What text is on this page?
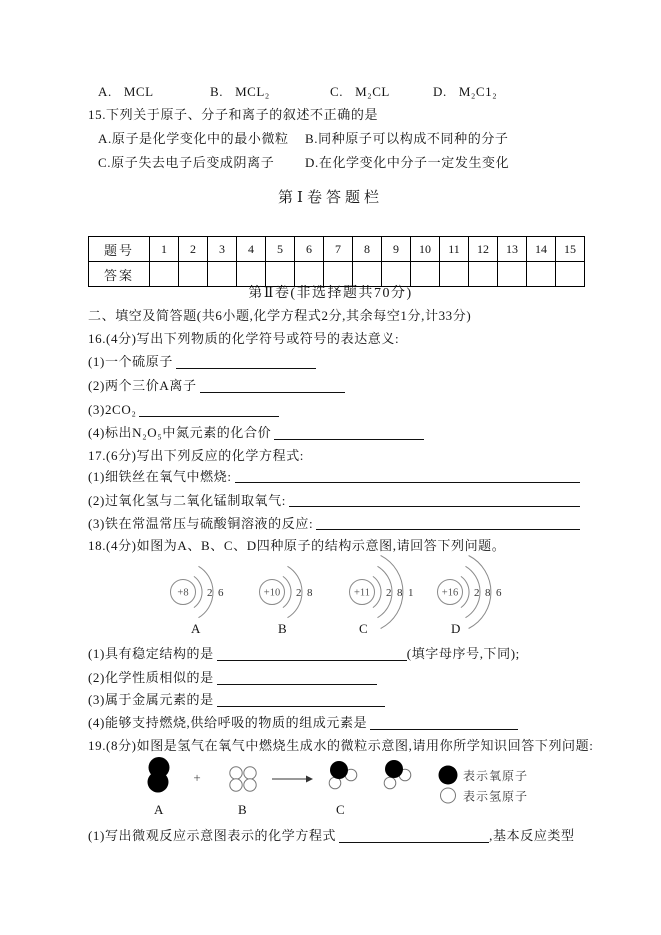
A. MCL	B. MCL₂	C. M₂CL	D. M₂C1₂
15.下列关于原子、分子和离子的叙述不正确的是
A.原子是化学变化中的最小微粒 B.同种原子可以构成不同种的分子
C.原子失去电子后变成阴离子 D.在化学变化中分子一定发生变化
第Ⅰ卷答题栏
题号	1	2	3	4	5	6	7	8	9	10	11	12	13	14	15
答案															
第Ⅱ卷(非选择题共70分)
二、填空及简答题(共6小题,化学方程式2分,其余每空1分,计33分)
16.(4分)写出下列物质的化学符号或符号的表达意义:
(1)一个硫原子
(2)两个三价A离子
(3)2CO₂
(4)标出N₂O₅中氮元素的化合价
17.(6分)写出下列反应的化学方程式:
(1)细铁丝在氧气中燃烧:
(2)过氧化氢与二氧化锰制取氧气:
(3)铁在常温常压与硫酸铜溶液的反应:
18.(4分)如图为A、B、C、D四种原子的结构示意图,请回答下列问题。
+8 2 6	+10 2 8	+11 2 8 1	+16 2 8 6
A	B	C	D
(1)具有稳定结构的是	(填字母序号,下同);
(2)化学性质相似的是
(3)属于金属元素的是
(4)能够支持燃烧,供给呼吸的物质的组成元素是
19.(8分)如图是氢气在氧气中燃烧生成水的微粒示意图,请用你所学知识回答下列问题:
+	表示氧原子
表示氢原子
A	B	C
(1)写出微观反应示意图表示的化学方程式	,基本反应类型
